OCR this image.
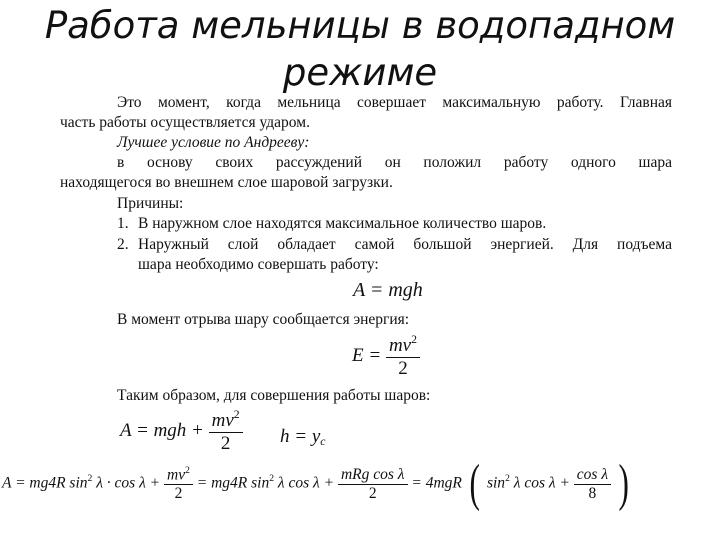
Работа мельницы в водопадном
режиме
Это момент, когда мельница совершает максимальную работу. Главная
часть работы осуществляется ударом.
Лучшее условие по Андреевy:
в основу своих рассуждений он положил работу одного шара
находящегося во внешнем слое шаровой загрузки.
Причины:
1. В наружном слое находятся максимальное количество шаров.
2. Наружный слой обладает самой большой энергией. Для подъема
шара необходимо совершать работу:
A = mgh
В момент отрыва шару сообщается энергия:
$E = \frac{mv^2}{2}$
Таким образом, для совершения работы шаров:
A = mgh + $\frac{mv^2}{2}$ $h = y_c$
A = mg4R $\sin^2 \lambda \cdot \cos \lambda + \frac{mv^2}{2} = mg4R$ $\sin^2 \lambda$ $\cos \lambda + \frac{\text{mRg cos λ}}{2} = 4mgR$ ( $\sin^2 \lambda$ $\cos \lambda + \frac{\text{cos λ}}{8}$ )
